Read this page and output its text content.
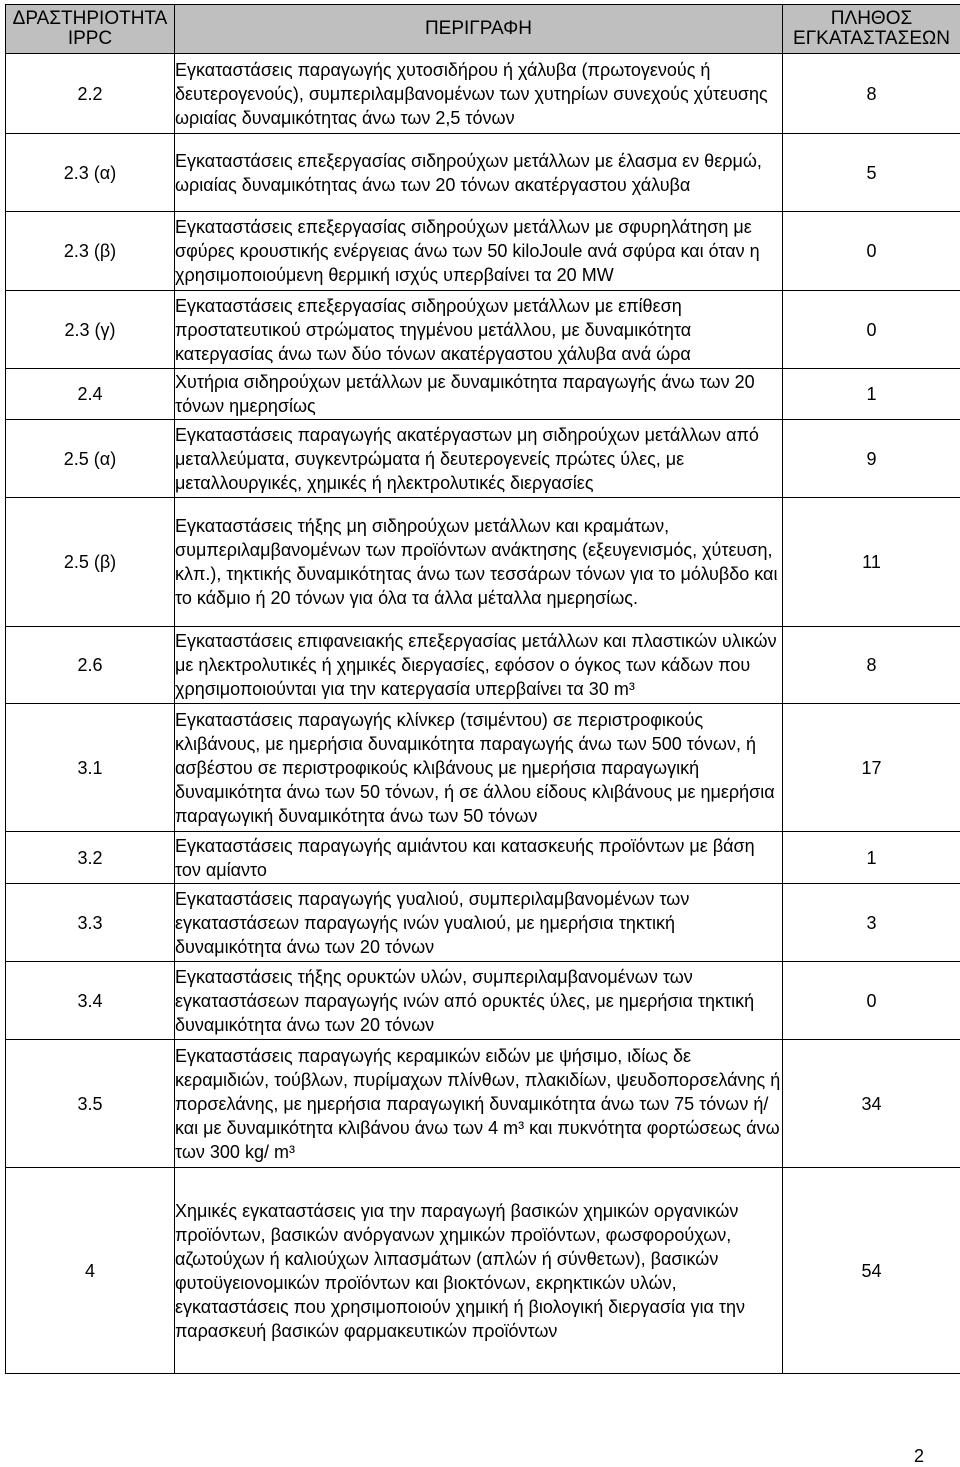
ΔΡΑΣΤΗΡΙΟΤΗΤΑ IPPC	ΠΕΡΙΓΡΑΦΗ	ΠΛΗΘΟΣ ΕΓΚΑΤΑΣΤΑΣΕΩΝ
2.2	Εγκαταστάσεις παραγωγής χυτοσιδήρου ή χάλυβα (πρωτογενούς ή δευτερογενούς), συμπεριλαμβανομένων των χυτηρίων συνεχούς χύτευσης ωριαίας δυναμικότητας άνω των 2,5 τόνων	8
2.3 (α)	Εγκαταστάσεις επεξεργασίας σιδηρούχων μετάλλων με έλασμα εν θερμώ, ωριαίας δυναμικότητας άνω των 20 τόνων ακατέργαστου χάλυβα	5
2.3 (β)	Εγκαταστάσεις επεξεργασίας σιδηρούχων μετάλλων με σφυρηλάτηση με σφύρες κρουστικής ενέργειας άνω των 50 kiloJoule ανά σφύρα και όταν η χρησιμοποιούμενη θερμική ισχύς υπερβαίνει τα 20 MW	0
2.3 (γ)	Εγκαταστάσεις επεξεργασίας σιδηρούχων μετάλλων με επίθεση προστατευτικού στρώματος τηγμένου μετάλλου, με δυναμικότητα κατεργασίας άνω των δύο τόνων ακατέργαστου χάλυβα ανά ώρα	0
2.4	Χυτήρια σιδηρούχων μετάλλων με δυναμικότητα παραγωγής άνω των 20 τόνων ημερησίως	1
2.5 (α)	Εγκαταστάσεις παραγωγής ακατέργαστων μη σιδηρούχων μετάλλων από μεταλλεύματα, συγκεντρώματα ή δευτερογενείς πρώτες ύλες, με μεταλλουργικές, χημικές ή ηλεκτρολυτικές διεργασίες	9
2.5 (β)	Εγκαταστάσεις τήξης μη σιδηρούχων μετάλλων και κραμάτων, συμπεριλαμβανομένων των προϊόντων ανάκτησης (εξευγενισμός, χύτευση, κλπ.), τηκτικής δυναμικότητας άνω των τεσσάρων τόνων για το μόλυβδο και το κάδμιο ή 20 τόνων για όλα τα άλλα μέταλλα ημερησίως.	11
2.6	Εγκαταστάσεις επιφανειακής επεξεργασίας μετάλλων και πλαστικών υλικών με ηλεκτρολυτικές ή χημικές διεργασίες, εφόσον ο όγκος των κάδων που χρησιμοποιούνται για την κατεργασία υπερβαίνει τα 30 m³	8
3.1	Εγκαταστάσεις παραγωγής κλίνκερ (τσιμέντου) σε περιστροφικούς κλιβάνους, με ημερήσια δυναμικότητα παραγωγής άνω των 500 τόνων, ή ασβέστου σε περιστροφικούς κλιβάνους με ημερήσια παραγωγική δυναμικότητα άνω των 50 τόνων, ή σε άλλου είδους κλιβάνους με ημερήσια παραγωγική δυναμικότητα άνω των 50 τόνων	17
3.2	Εγκαταστάσεις παραγωγής αμιάντου και κατασκευής προϊόντων με βάση τον αμίαντο	1
3.3	Εγκαταστάσεις παραγωγής γυαλιού, συμπεριλαμβανομένων των εγκαταστάσεων παραγωγής ινών γυαλιού, με ημερήσια τηκτική δυναμικότητα άνω των 20 τόνων	3
3.4	Εγκαταστάσεις τήξης ορυκτών υλών, συμπεριλαμβανομένων των εγκαταστάσεων παραγωγής ινών από ορυκτές ύλες, με ημερήσια τηκτική δυναμικότητα άνω των 20 τόνων	0
3.5	Εγκαταστάσεις παραγωγής κεραμικών ειδών με ψήσιμο, ιδίως δε κεραμιδιών, τούβλων, πυρίμαχων πλίνθων, πλακιδίων, ψευδοπορσελάνης ή πορσελάνης, με ημερήσια παραγωγική δυναμικότητα άνω των 75 τόνων ή/και με δυναμικότητα κλιβάνου άνω των 4 m³ και πυκνότητα φορτώσεως άνω των 300 kg/ m³	34
4	Χημικές εγκαταστάσεις για την παραγωγή βασικών χημικών οργανικών προϊόντων, βασικών ανόργανων χημικών προϊόντων, φωσφορούχων, αζωτούχων ή καλιούχων λιπασμάτων (απλών ή σύνθετων), βασικών φυτοϋγειονομικών προϊόντων και βιοκτόνων, εκρηκτικών υλών, εγκαταστάσεις που χρησιμοποιούν χημική ή βιολογική διεργασία για την παρασκευή βασικών φαρμακευτικών προϊόντων	54
2
